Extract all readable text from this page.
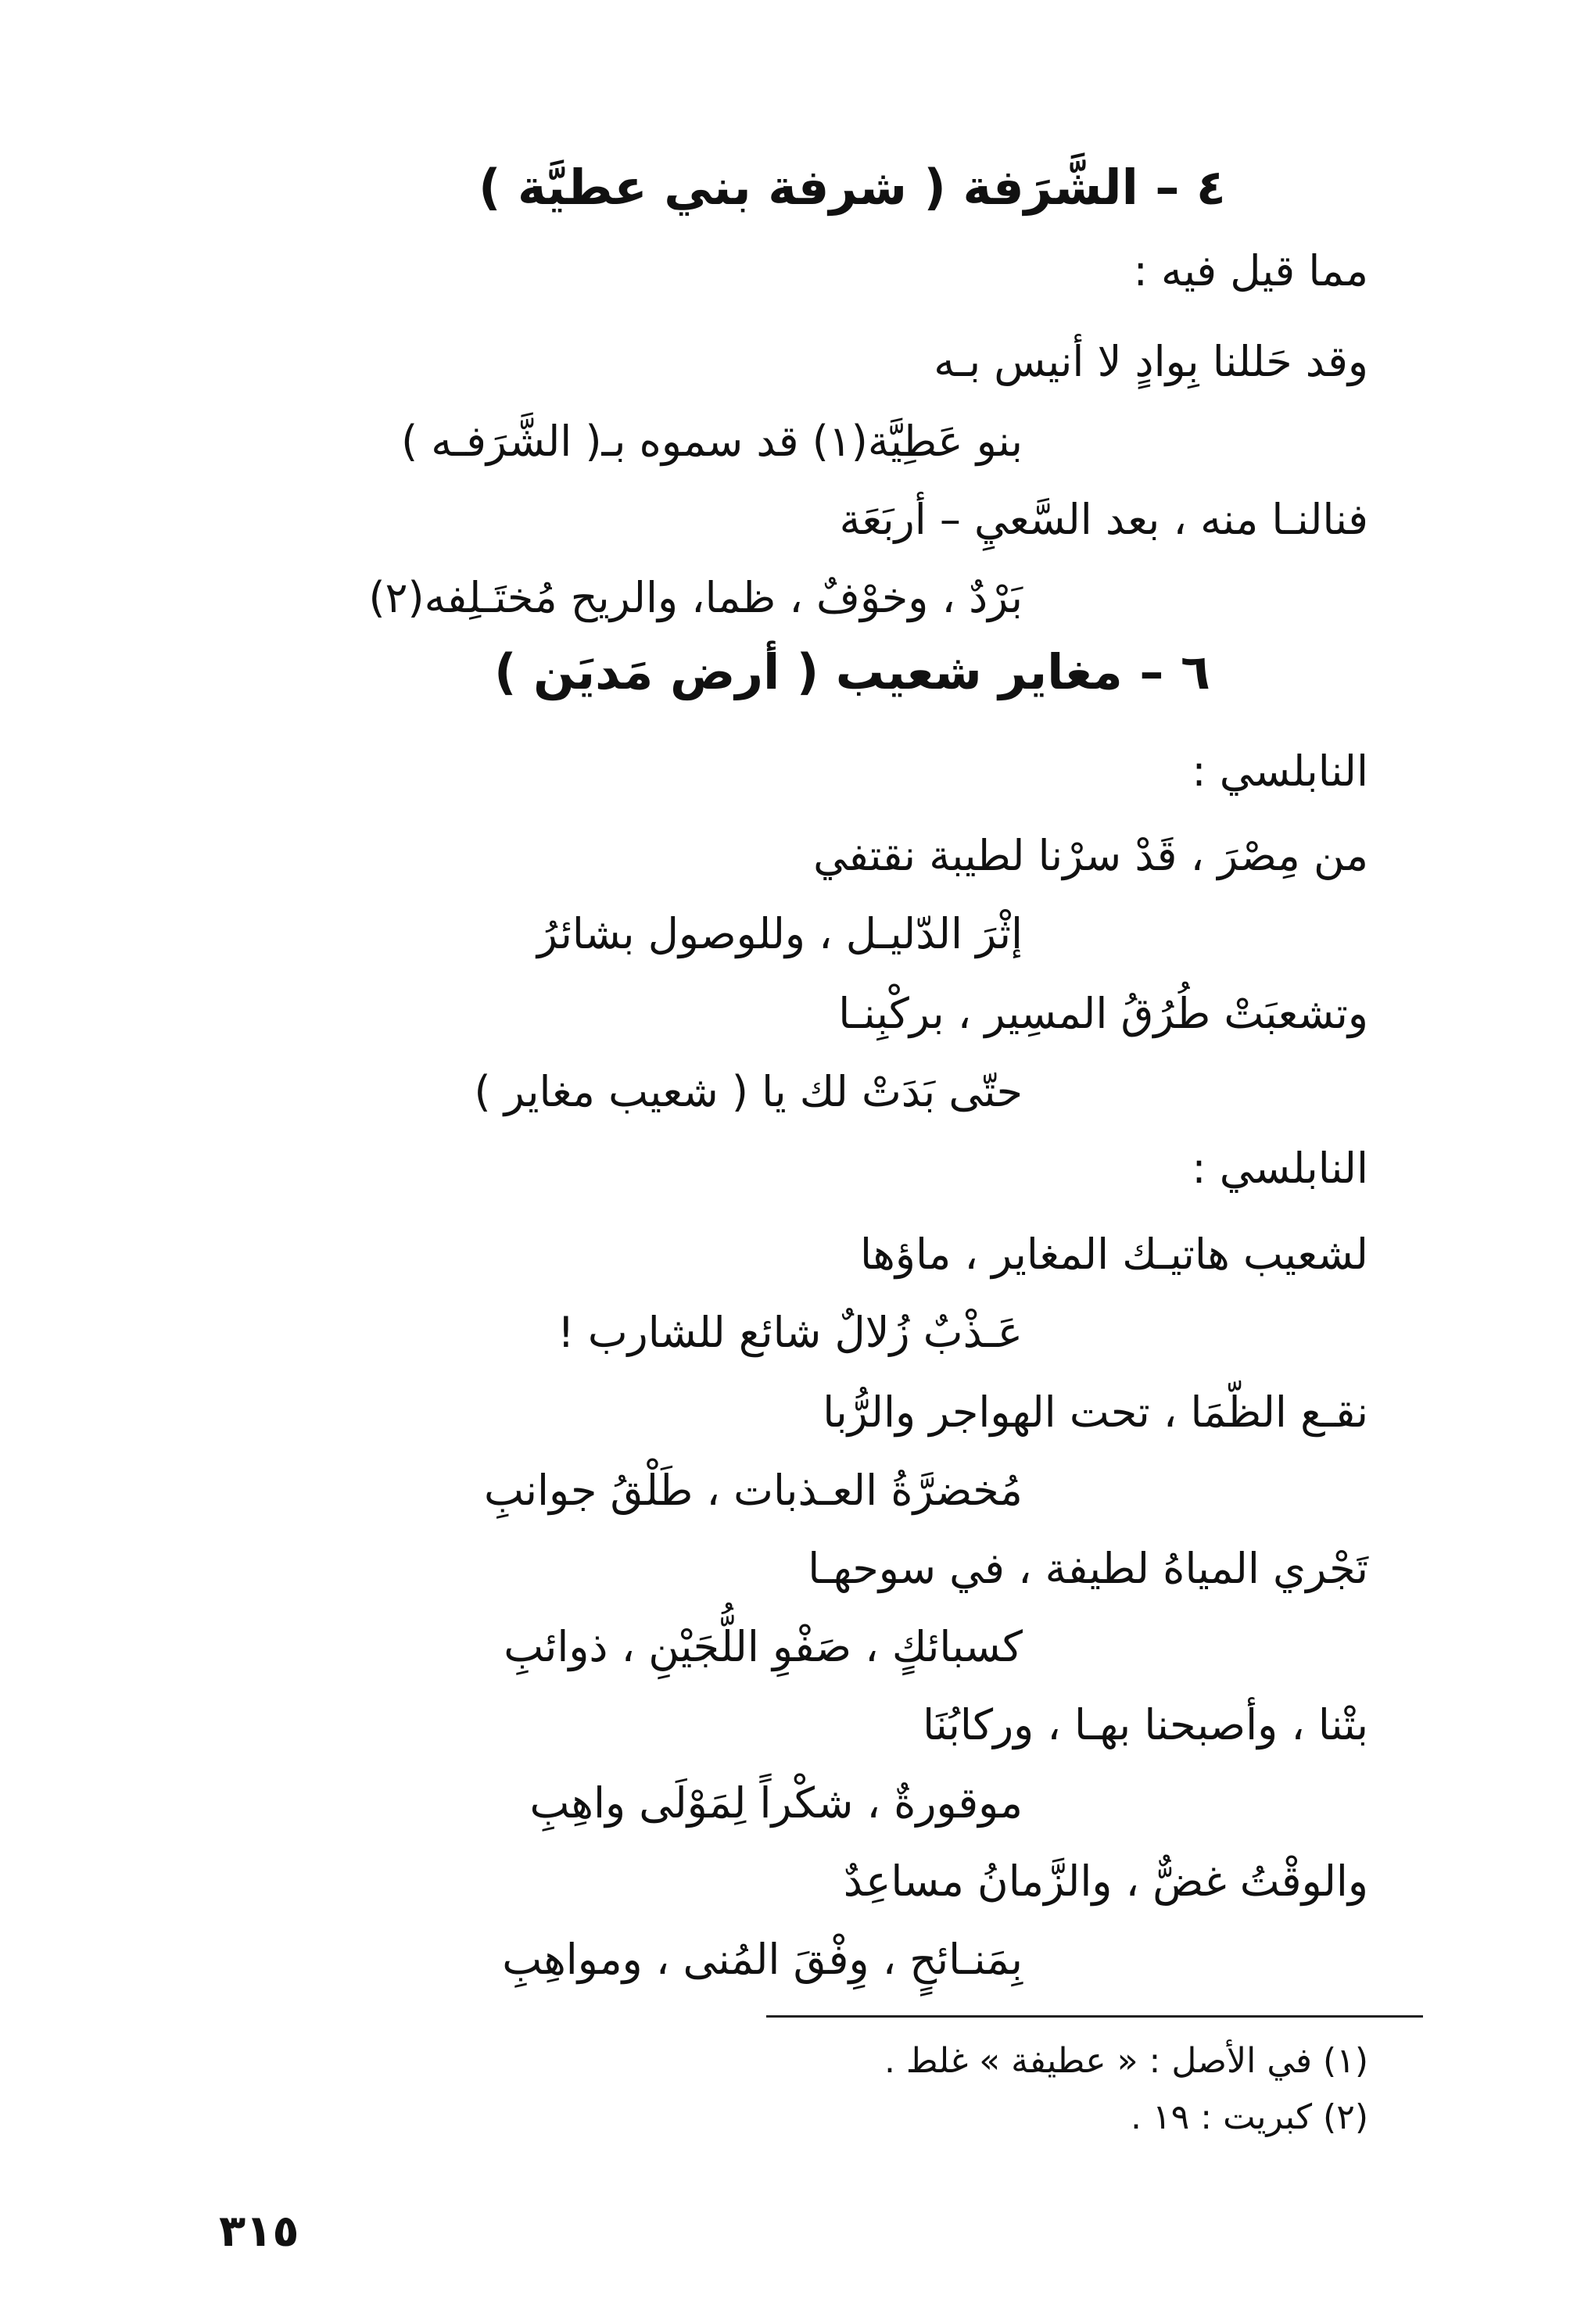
٤ – الشَّرَفة ( شرفة بني عطيَّة )

مما قيل فيه :

وقد حَللنا بِوادٍ لا أنيس بـه

بنو عَطِيَّة(١) قد سموه بـ( الشَّرَفـه )

فنالنـا منه ، بعد السَّعيِ – أربَعَة

بَرْدٌ ، وخوْفٌ ، ظما، والريح مُختَـلِفه(٢)

٦ – مغاير شعيب ( أرض مَديَن )

النابلسي :

من مِصْرَ ، قَدْ سرْنا لطيبة نقتفي

إثْرَ الدّليـل ، وللوصول بشائرُ

وتشعبَتْ طُرُقُ المسِير ، بركْبِنـا

حتّى بَدَتْ لك يا ( شعيب مغاير )

النابلسي :

لشعيب هاتيـك المغاير ، ماؤها

عَـذْبٌ زُلالٌ شائع للشارب !

نقـع الظّمَا ، تحت الهواجر والرُّبا

مُخضرَّةُ العـذبات ، طَلْقُ جوانبِ

تَجْري المياهُ لطيفة ، في سوحهـا

كسبائكٍ ، صَفْوِ اللُّجَيْنِ ، ذوائبِ

بتْنا ، وأصبحنا بهـا ، وركابُنَا

موقورةٌ ، شكْراً لِمَوْلَى واهِبِ

والوقْتُ غضٌّ ، والزَّمانُ مساعِدٌ

بِمَنـائحٍ ، وِفْقَ المُنى ، ومواهِبِ

(١) في الأصل : « عطيفة » غلط .

(٢) كبريت : ١٩ .

٣١٥
